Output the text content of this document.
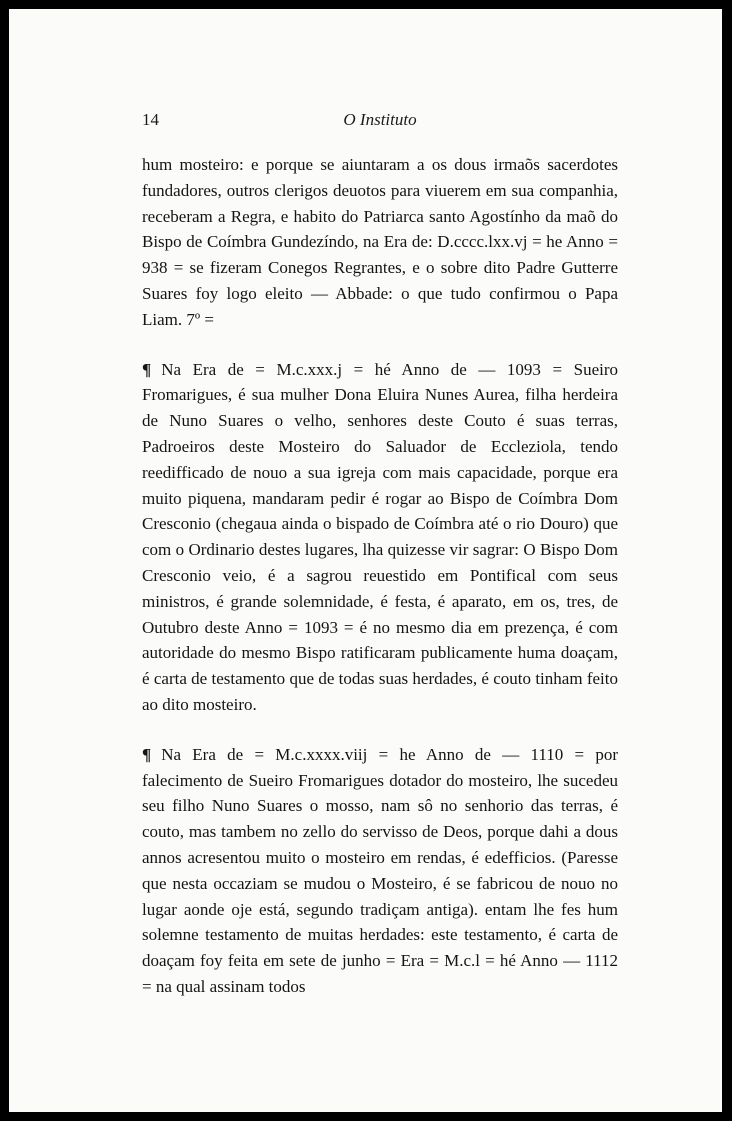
14	O Instituto

hum mosteiro: e porque se aiuntaram a os dous irmaõs sacerdotes fundadores, outros clerigos deuotos para viuerem em sua companhia, receberam a Regra, e habito do Patriarca santo Agostínho da maõ do Bispo de Coímbra Gundezíndo, na Era de: D.cccc.lxx.vj = he Anno = 938 = se fizeram Conegos Regrantes, e o sobre dito Padre Gutterre Suares foy logo eleito — Abbade: o que tudo confirmou o Papa Liam. 7º =

¶ Na Era de = M.c.xxx.j = hé Anno de — 1093 = Sueiro Fromarigues, é sua mulher Dona Eluira Nunes Aurea, filha herdeira de Nuno Suares o velho, senhores deste Couto é suas terras, Padroeiros deste Mosteiro do Saluador de Eccleziola, tendo reedifficado de nouo a sua igreja com mais capacidade, porque era muito piquena, mandaram pedir é rogar ao Bispo de Coímbra Dom Cresconio (chegaua ainda o bispado de Coímbra até o rio Douro) que com o Ordinario destes lugares, lha quizesse vir sagrar: O Bispo Dom Cresconio veio, é a sagrou reuestido em Pontifical com seus ministros, é grande solemnidade, é festa, é aparato, em os, tres, de Outubro deste Anno = 1093 = é no mesmo dia em prezença, é com autoridade do mesmo Bispo ratificaram publicamente huma doaçam, é carta de testamento que de todas suas herdades, é couto tinham feito ao dito mosteiro.

¶ Na Era de = M.c.xxxx.viij = he Anno de — 1110 = por falecimento de Sueiro Fromarigues dotador do mosteiro, lhe sucedeu seu filho Nuno Suares o mosso, nam sô no senhorio das terras, é couto, mas tambem no zello do servisso de Deos, porque dahi a dous annos acresentou muito o mosteiro em rendas, é edefficios. (Paresse que nesta occaziam se mudou o Mosteiro, é se fabricou de nouo no lugar aonde oje está, segundo tradiçam antiga). entam lhe fes hum solemne testamento de muitas herdades: este testamento, é carta de doaçam foy feita em sete de junho = Era = M.c.l = hé Anno — 1112 = na qual assinam todos
